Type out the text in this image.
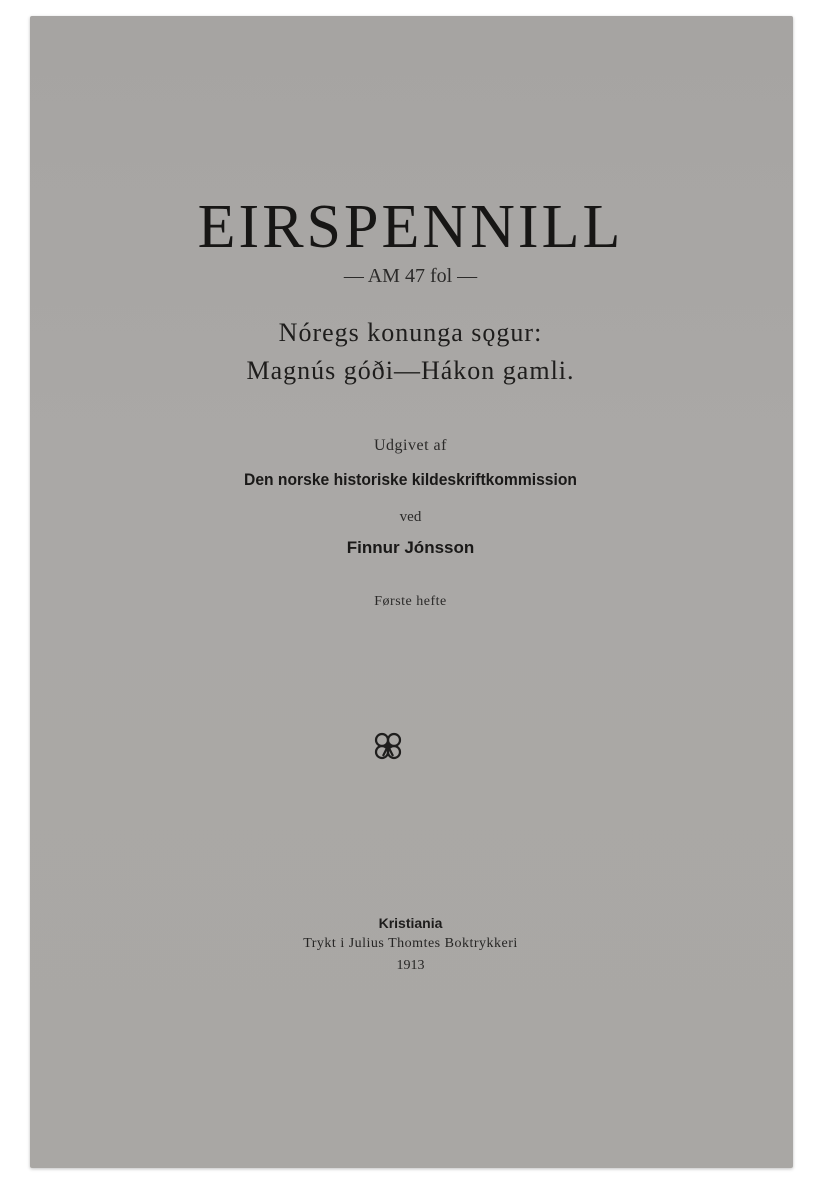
EIRSPENNILL
— AM 47 fol —
Nóregs konunga sǫgur:
Magnús góði—Hákon gamli.
Udgivet af
Den norske historiske kildeskriftkommission
ved
Finnur Jónsson
Første hefte
Kristiania
Trykt i Julius Thomtes Boktrykkeri
1913
